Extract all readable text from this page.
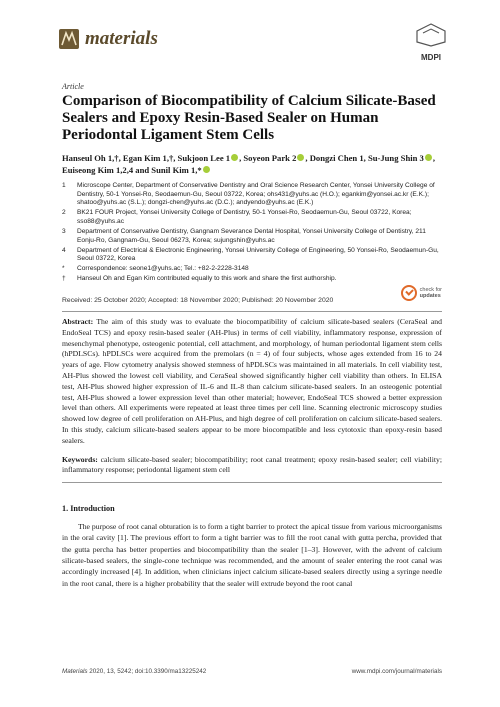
materials
MDPI
Article
Comparison of Biocompatibility of Calcium Silicate-Based Sealers and Epoxy Resin-Based Sealer on Human Periodontal Ligament Stem Cells
Hanseul Oh 1,†, Egan Kim 1,†, Sukjoon Lee 1 , Soyeon Park 2 , Dongzi Chen 1, Su-Jung Shin 3 , Euiseong Kim 1,2,4 and Sunil Kim 1,*
1	Microscope Center, Department of Conservative Dentistry and Oral Science Research Center, Yonsei University College of Dentistry, 50-1 Yonsei-Ro, Seodaemun-Gu, Seoul 03722, Korea; ohs431@yuhs.ac (H.O.); egankim@yonsei.ac.kr (E.K.); shatoo@yuhs.ac (S.L.); dongzi-chen@yuhs.ac (D.C.); andyendo@yuhs.ac (E.K.)
2	BK21 FOUR Project, Yonsei University College of Dentistry, 50-1 Yonsei-Ro, Seodaemun-Gu, Seoul 03722, Korea; sso88@yuhs.ac
3	Department of Conservative Dentistry, Gangnam Severance Dental Hospital, Yonsei University College of Dentistry, 211 Eonju-Ro, Gangnam-Gu, Seoul 06273, Korea; sujungshin@yuhs.ac
4	Department of Electrical & Electronic Engineering, Yonsei University College of Engineering, 50 Yonsei-Ro, Seodaemun-Gu, Seoul 03722, Korea
*	Correspondence: seone1@yuhs.ac; Tel.: +82-2-2228-3148
†	Hanseul Oh and Egan Kim contributed equally to this work and share the first authorship.
Received: 25 October 2020; Accepted: 18 November 2020; Published: 20 November 2020
check for
updates
Abstract: The aim of this study was to evaluate the biocompatibility of calcium silicate-based sealers (CeraSeal and EndoSeal TCS) and epoxy resin-based sealer (AH-Plus) in terms of cell viability, inflammatory response, expression of mesenchymal phenotype, osteogenic potential, cell attachment, and morphology, of human periodontal ligament stem cells (hPDLSCs). hPDLSCs were acquired from the premolars (n = 4) of four subjects, whose ages extended from 16 to 24 years of age. Flow cytometry analysis showed stemness of hPDLSCs was maintained in all materials. In cell viability test, AH-Plus showed the lowest cell viability, and CeraSeal showed significantly higher cell viability than others. In ELISA test, AH-Plus showed higher expression of IL-6 and IL-8 than calcium silicate-based sealers. In an osteogenic potential test, AH-Plus showed a lower expression level than other material; however, EndoSeal TCS showed a better expression level than others. All experiments were repeated at least three times per cell line. Scanning electronic microscopy studies showed low degree of cell proliferation on AH-Plus, and high degree of cell proliferation on calcium silicate-based sealers. In this study, calcium silicate-based sealers appear to be more biocompatible and less cytotoxic than epoxy-resin based sealers.
Keywords: calcium silicate-based sealer; biocompatibility; root canal treatment; epoxy resin-based sealer; cell viability; inflammatory response; periodontal ligament stem cell
1. Introduction
The purpose of root canal obturation is to form a tight barrier to protect the apical tissue from various microorganisms in the oral cavity [1]. The previous effort to form a tight barrier was to fill the root canal with gutta percha, provided that the gutta percha has better properties and biocompatibility than the sealer [1–3]. However, with the advent of calcium silicate-based sealers, the single-cone technique was recommended, and the amount of sealer entering the root canal was accordingly increased [4]. In addition, when clinicians inject calcium silicate-based sealers directly using a syringe needle in the root canal, there is a higher probability that the sealer will extrude beyond the root canal
Materials 2020, 13, 5242; doi:10.3390/ma13225242	www.mdpi.com/journal/materials
